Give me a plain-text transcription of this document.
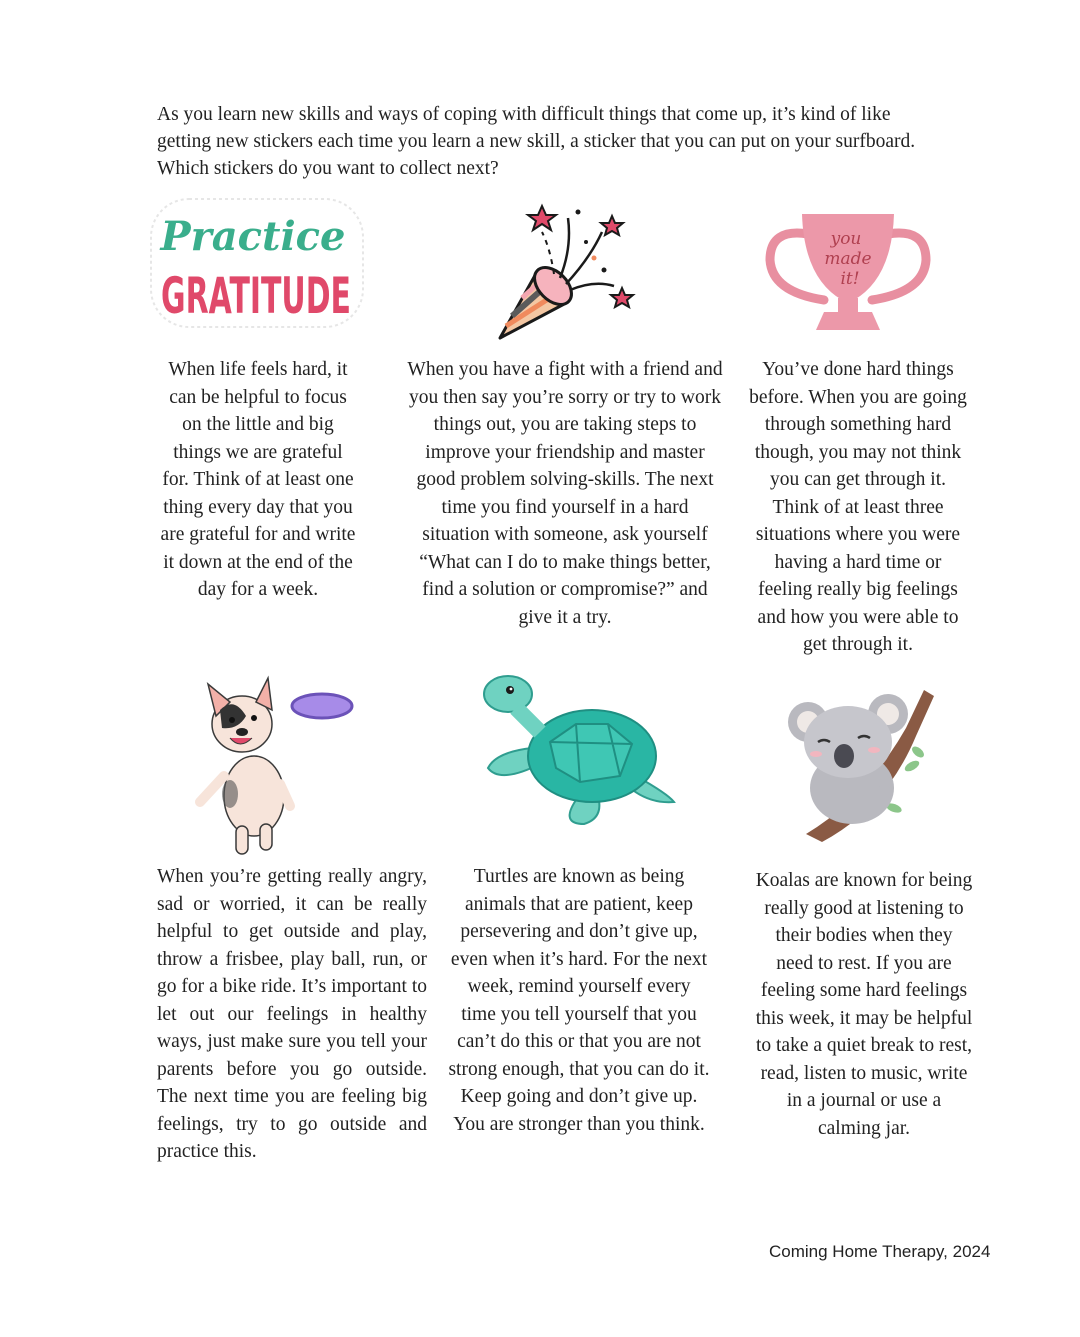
As you learn new skills and ways of coping with difficult things that come up, it’s kind of like getting new stickers each time you learn a new skill, a sticker that you can put on your surfboard. Which stickers do you want to collect next?

Practice
GRATITUDE
you
made
it!

When life feels hard, it can be helpful to focus on the little and big things we are grateful for. Think of at least one thing every day that you are grateful for and write it down at the end of the day for a week.

When you have a fight with a friend and you then say you’re sorry or try to work things out, you are taking steps to improve your friendship and master good problem solving-skills. The next time you find yourself in a hard situation with someone, ask yourself “What can I do to make things better, find a solution or compromise?” and give it a try.

You’ve done hard things before. When you are going through something hard though, you may not think you can get through it. Think of at least three situations where you were having a hard time or feeling really big feelings and how you were able to get through it.

When you’re getting really angry, sad or worried, it can be really helpful to get outside and play, throw a frisbee, play ball, run, or go for a bike ride. It’s important to let out our feelings in healthy ways, just make sure you tell your parents before you go outside. The next time you are feeling big feelings, try to go outside and practice this.

Turtles are known as being animals that are patient, keep persevering and don’t give up, even when it’s hard. For the next week, remind yourself every time you tell yourself that you can’t do this or that you are not strong enough, that you can do it. Keep going and don’t give up. You are stronger than you think.

Koalas are known for being really good at listening to their bodies when they need to rest. If you are feeling some hard feelings this week, it may be helpful to take a quiet break to rest, read, listen to music, write in a journal or use a calming jar.

Coming Home Therapy, 2024
